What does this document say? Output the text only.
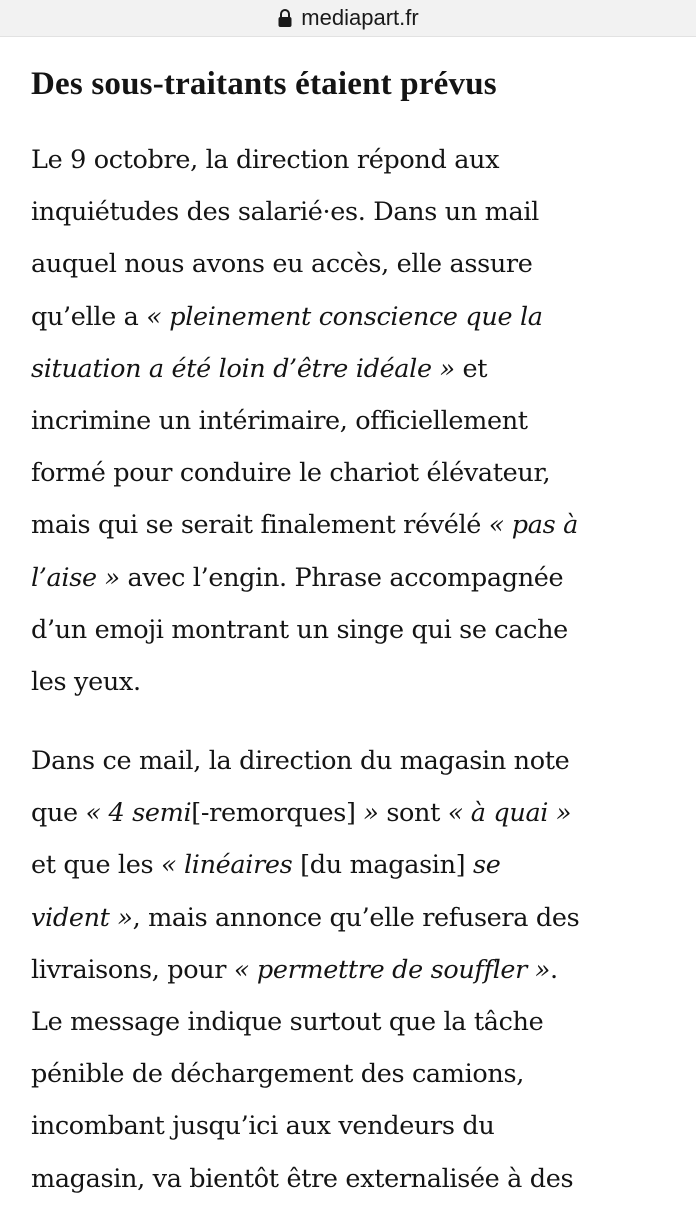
mediapart.fr
Des sous-traitants étaient prévus

Le 9 octobre, la direction répond aux
inquiétudes des salarié·es. Dans un mail
auquel nous avons eu accès, elle assure
qu’elle a « pleinement conscience que la
situation a été loin d’être idéale » et
incrimine un intérimaire, officiellement
formé pour conduire le chariot élévateur,
mais qui se serait finalement révélé « pas à
l’aise » avec l’engin. Phrase accompagnée
d’un emoji montrant un singe qui se cache
les yeux.

Dans ce mail, la direction du magasin note
que « 4 semi[-remorques] » sont « à quai »
et que les « linéaires [du magasin] se
vident », mais annonce qu’elle refusera des
livraisons, pour « permettre de souffler ».
Le message indique surtout que la tâche
pénible de déchargement des camions,
incombant jusqu’ici aux vendeurs du
magasin, va bientôt être externalisée à des
